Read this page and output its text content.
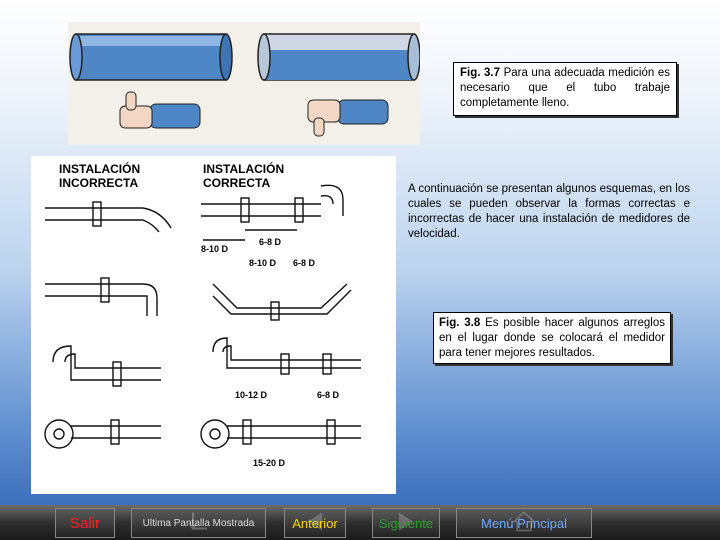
Fig. 3.7 Para una adecuada medición es necesario que el tubo trabaje completamente lleno.
INSTALACIÓN
INCORRECTA
INSTALACIÓN
CORRECTA
8-10 D
6-8 D
8-10 D 6-8 D
10-12 D	6-8 D
15-20 D
A continuación se presentan algunos esquemas, en los cuales se pueden observar la formas correctas e incorrectas de hacer una instalación de medidores de velocidad.
Fig. 3.8 Es posible hacer algunos arreglos en el lugar donde se colocará el medidor para tener mejores resultados.
Salir	Ultima Pantalla Mostrada	Anterior	Siguiente	Menú Principal
